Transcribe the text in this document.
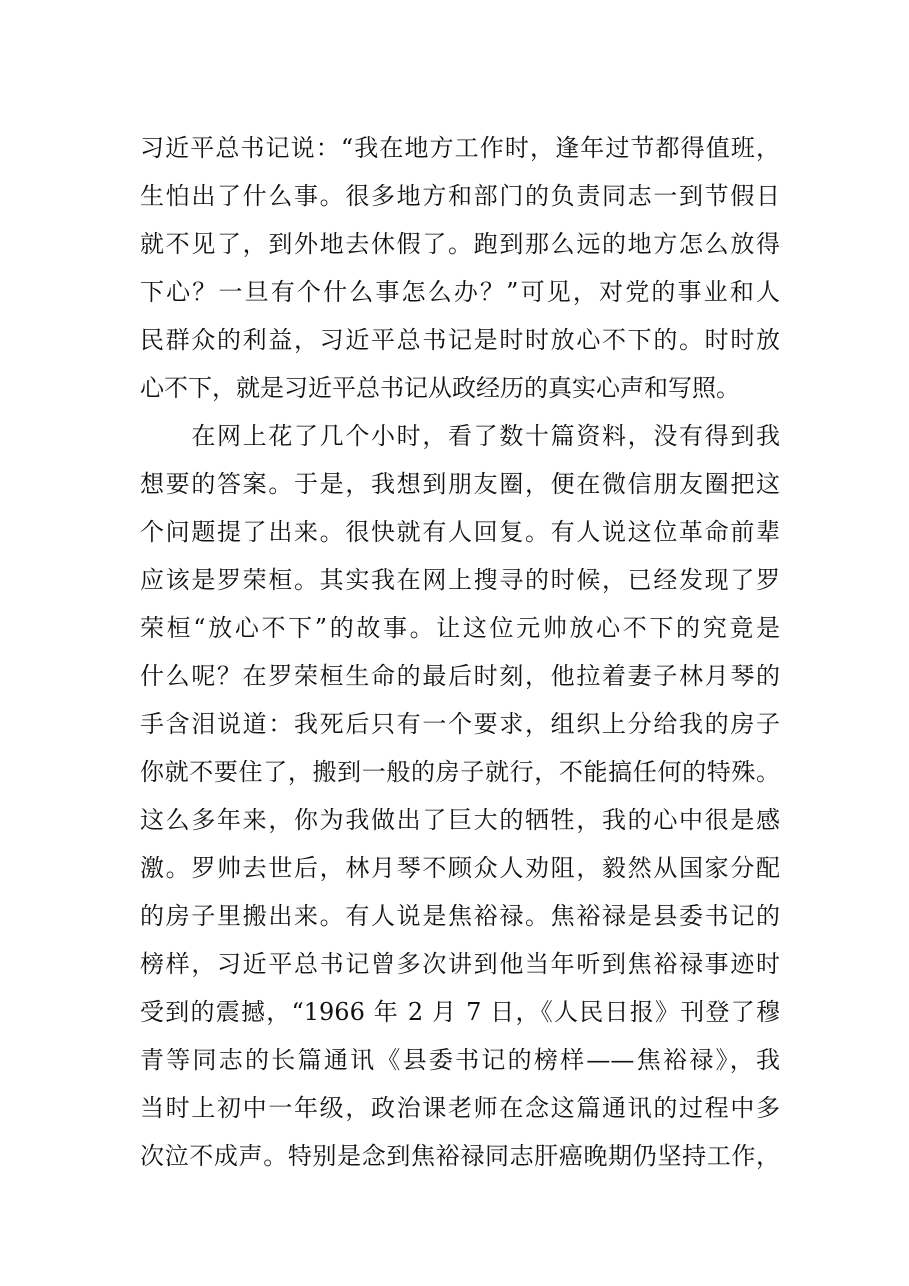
习近平总书记说：“我在地方工作时，逢年过节都得值班，
生怕出了什么事。很多地方和部门的负责同志一到节假日
就不见了，到外地去休假了。跑到那么远的地方怎么放得
下心？一旦有个什么事怎么办？”可见，对党的事业和人
民群众的利益，习近平总书记是时时放心不下的。时时放
心不下，就是习近平总书记从政经历的真实心声和写照。
　　在网上花了几个小时，看了数十篇资料，没有得到我
想要的答案。于是，我想到朋友圈，便在微信朋友圈把这
个问题提了出来。很快就有人回复。有人说这位革命前辈
应该是罗荣桓。其实我在网上搜寻的时候，已经发现了罗
荣桓“放心不下”的故事。让这位元帅放心不下的究竟是
什么呢？在罗荣桓生命的最后时刻，他拉着妻子林月琴的
手含泪说道：我死后只有一个要求，组织上分给我的房子
你就不要住了，搬到一般的房子就行，不能搞任何的特殊。
这么多年来，你为我做出了巨大的牺牲，我的心中很是感
激。罗帅去世后，林月琴不顾众人劝阻，毅然从国家分配
的房子里搬出来。有人说是焦裕禄。焦裕禄是县委书记的
榜样，习近平总书记曾多次讲到他当年听到焦裕禄事迹时
受到的震撼，“1966 年 2 月 7 日，《人民日报》刊登了穆
青等同志的长篇通讯《县委书记的榜样——焦裕禄》，我
当时上初中一年级，政治课老师在念这篇通讯的过程中多
次泣不成声。特别是念到焦裕禄同志肝癌晚期仍坚持工作，
